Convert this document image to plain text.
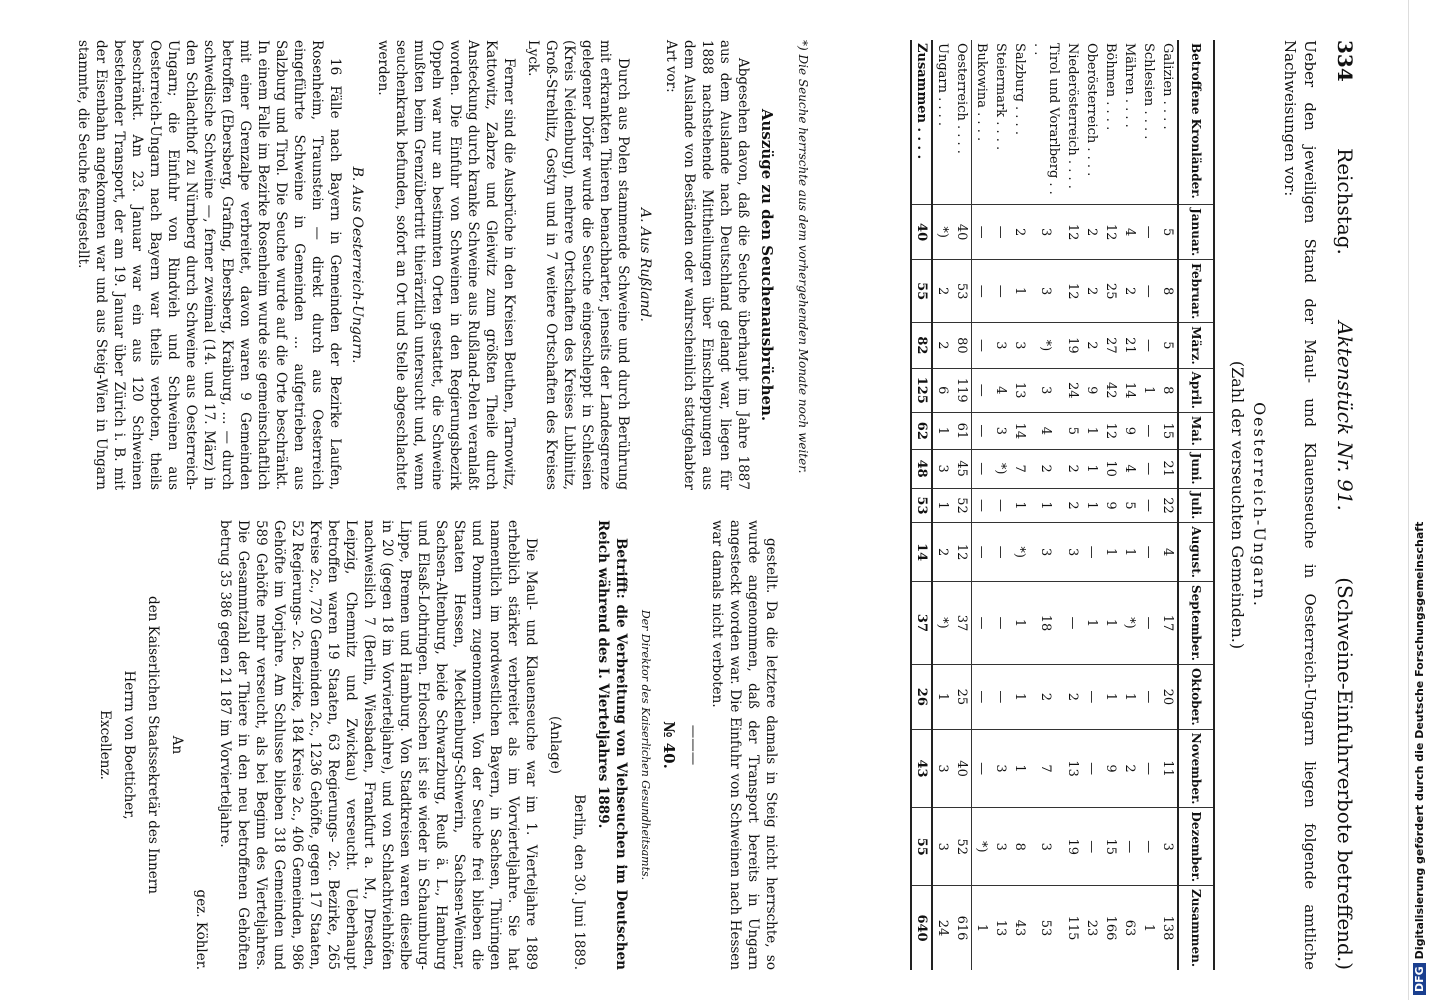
334
Reichstag.
Aktenstück Nr. 91.
(Schweine-Einfuhrverbote betreffend.)
Ueber den jeweiligen Stand der Maul- und Klauenseuche in Oesterreich-Ungarn liegen folgende amtliche Nachweisungen vor:
Oesterreich-Ungarn.
(Zahl der verseuchten Gemeinden.)
Betroffene Kronländer.	Januar.	Februar.	März.	April.	Mai.	Juni.	Juli.	August.	September.	Oktober.	November.	Dezember.	Zusammen.
Galizien . . . .	5	8	5	8	15	21	22	4	17	20	11	3	138
Schlesien . . . .	—	—	—	1	—	—	—	—	—	—	—	—	1
Mähren . . . .	4	2	21	14	9	4	5	1	*)	1	2	—	63
Böhmen . . . .	12	25	27	42	12	10	9	1	1	1	9	15	166
Oberösterreich . . . .	2	2	2	9	1	1	1	—	1	—	—	—	23
Niederösterreich . . . .	12	12	19	24	5	2	2	3	—	2	13	19	115
Tirol und Vorarlberg . . . .	3	3	*)	3	4	2	1	3	18	2	7	3	53
Salzburg . . . .	2	1	3	13	14	7	1	*)	1	1	1	8	43
Steiermark . . . .	—	—	3	4	3	*)	—	—	—	—	3	3	13
Bukowina . . . .	—	—	—	—	—	—	—	—	—	—	—	*)	1
Oesterreich . . . .	40	53	80	119	61	45	52	12	37	25	40	52	616
Ungarn . . . .	*)	2	2	6	1	3	1	2	*)	1	3	3	24
Zusammen . . . .	40	55	82	125	62	48	53	14	37	26	43	55	640
*) Die Seuche herrschte aus dem vorhergehenden Monate noch weiter.
Auszüge zu den Seuchenausbrüchen.

Abgesehen davon, daß die Seuche überhaupt im Jahre 1887 aus dem Auslande nach Deutschland gelangt war, liegen für 1888 nachstehende Mittheilungen über Einschleppungen aus dem Auslande von Beständen oder wahrscheinlich stattgehabter Art vor:

A. Aus Rußland.

Durch aus Polen stammende Schweine und durch Berührung mit erkrankten Thieren benachbarter, jenseits der Landesgrenze gelegener Dörfer wurde die Seuche eingeschleppt in Schlesien (Kreis Neidenburg), mehrere Ortschaften des Kreises Lublinitz, Groß-Strehlitz, Gostyn und in 7 weitere Ortschaften des Kreises Lyck.

Ferner sind die Ausbrüche in den Kreisen Beuthen, Tarnowitz, Kattowitz, Zabrze und Gleiwitz zum größten Theile durch Ansteckung durch kranke Schweine aus Rußland-Polen veranlaßt worden. Die Einfuhr von Schweinen in den Regierungsbezirk Oppeln war nur an bestimmten Orten gestattet, die Schweine mußten beim Grenzübertritt thierärztlich untersucht und, wenn seuchenkrank befunden, sofort an Ort und Stelle abgeschlachtet werden.

B. Aus Oesterreich-Ungarn.

16 Fälle nach Bayern in Gemeinden der Bezirke Laufen, Rosenheim, Traunstein — direkt durch aus Oesterreich eingeführte Schweine in Gemeinden ... aufgetrieben aus Salzburg und Tirol. Die Seuche wurde auf die Orte beschränkt. In einem Falle im Bezirke Rosenheim wurde sie gemeinschaftlich mit einer Grenzalpe verbreitet, davon waren 9 Gemeinden betroffen (Ebersberg, Grafing, Ebersberg, Kraiburg, ... — durch schwedische Schweine —, ferner zweimal (14. und 17. März) in den Schlachthof zu Nürnberg durch Schweine aus Oesterreich-Ungarn; die Einfuhr von Rindvieh und Schweinen aus Oesterreich-Ungarn nach Bayern war theils verboten, theils beschränkt. Am 23. Januar war ein aus 120 Schweinen bestehender Transport, der am 19. Januar über Zürich i. B. mit der Eisenbahn angekommen war und aus Steig-Wien in Ungarn stammte, die Seuche festgestellt.

gestellt. Da die letztere damals in Steig nicht herrschte, so wurde angenommen, daß der Transport bereits in Ungarn angesteckt worden war. Die Einfuhr von Schweinen nach Hessen war damals nicht verboten.

———

№ 40.

Der Direktor des Kaiserlichen Gesundheitsamts.

Betrifft: die Verbreitung von Viehseuchen im Deutschen Reich während des I. Vierteljahres 1889.

Berlin, den 30. Juni 1889.

(Anlage)

Die Maul- und Klauenseuche war im 1. Vierteljahre 1889 erheblich stärker verbreitet als im Vorvierteljahre. Sie hat namentlich im nordwestlichen Bayern, in Sachsen, Thüringen und Pommern zugenommen. Von der Seuche frei blieben die Staaten Hessen, Mecklenburg-Schwerin, Sachsen-Weimar, Sachsen-Altenburg, beide Schwarzburg, Reuß ä. L., Hamburg und Elsaß-Lothringen. Erloschen ist sie wieder in Schaumburg-Lippe, Bremen und Hamburg. Von Stadtkreisen waren dieselbe in 20 (gegen 18 im Vorvierteljahre), und von Schlachtviehhöfen nachweislich 7 (Berlin, Wiesbaden, Frankfurt a. M., Dresden, Leipzig, Chemnitz und Zwickau) verseucht. Ueberhaupt betroffen waren 19 Staaten, 63 Regierungs- 2c. Bezirke, 265 Kreise 2c., 720 Gemeinden 2c., 1236 Gehöfte, gegen 17 Staaten, 52 Regierungs- 2c. Bezirke, 184 Kreise 2c., 406 Gemeinden, 986 Gehöfte im Vorjahre. Am Schlusse blieben 318 Gemeinden und 589 Gehöfte mehr verseucht, als bei Beginn des Vierteljahres. Die Gesammtzahl der Thiere in den neu betroffenen Gehöften betrug 35 386 gegen 21 187 im Vorvierteljahre.

gez. Köhler.

An

den Kaiserlichen Staatssekretär des Innern

Herrn von Boetticher,

Excellenz.

DFGDigitalisierung gefördert durch die Deutsche Forschungsgemeinschaft
